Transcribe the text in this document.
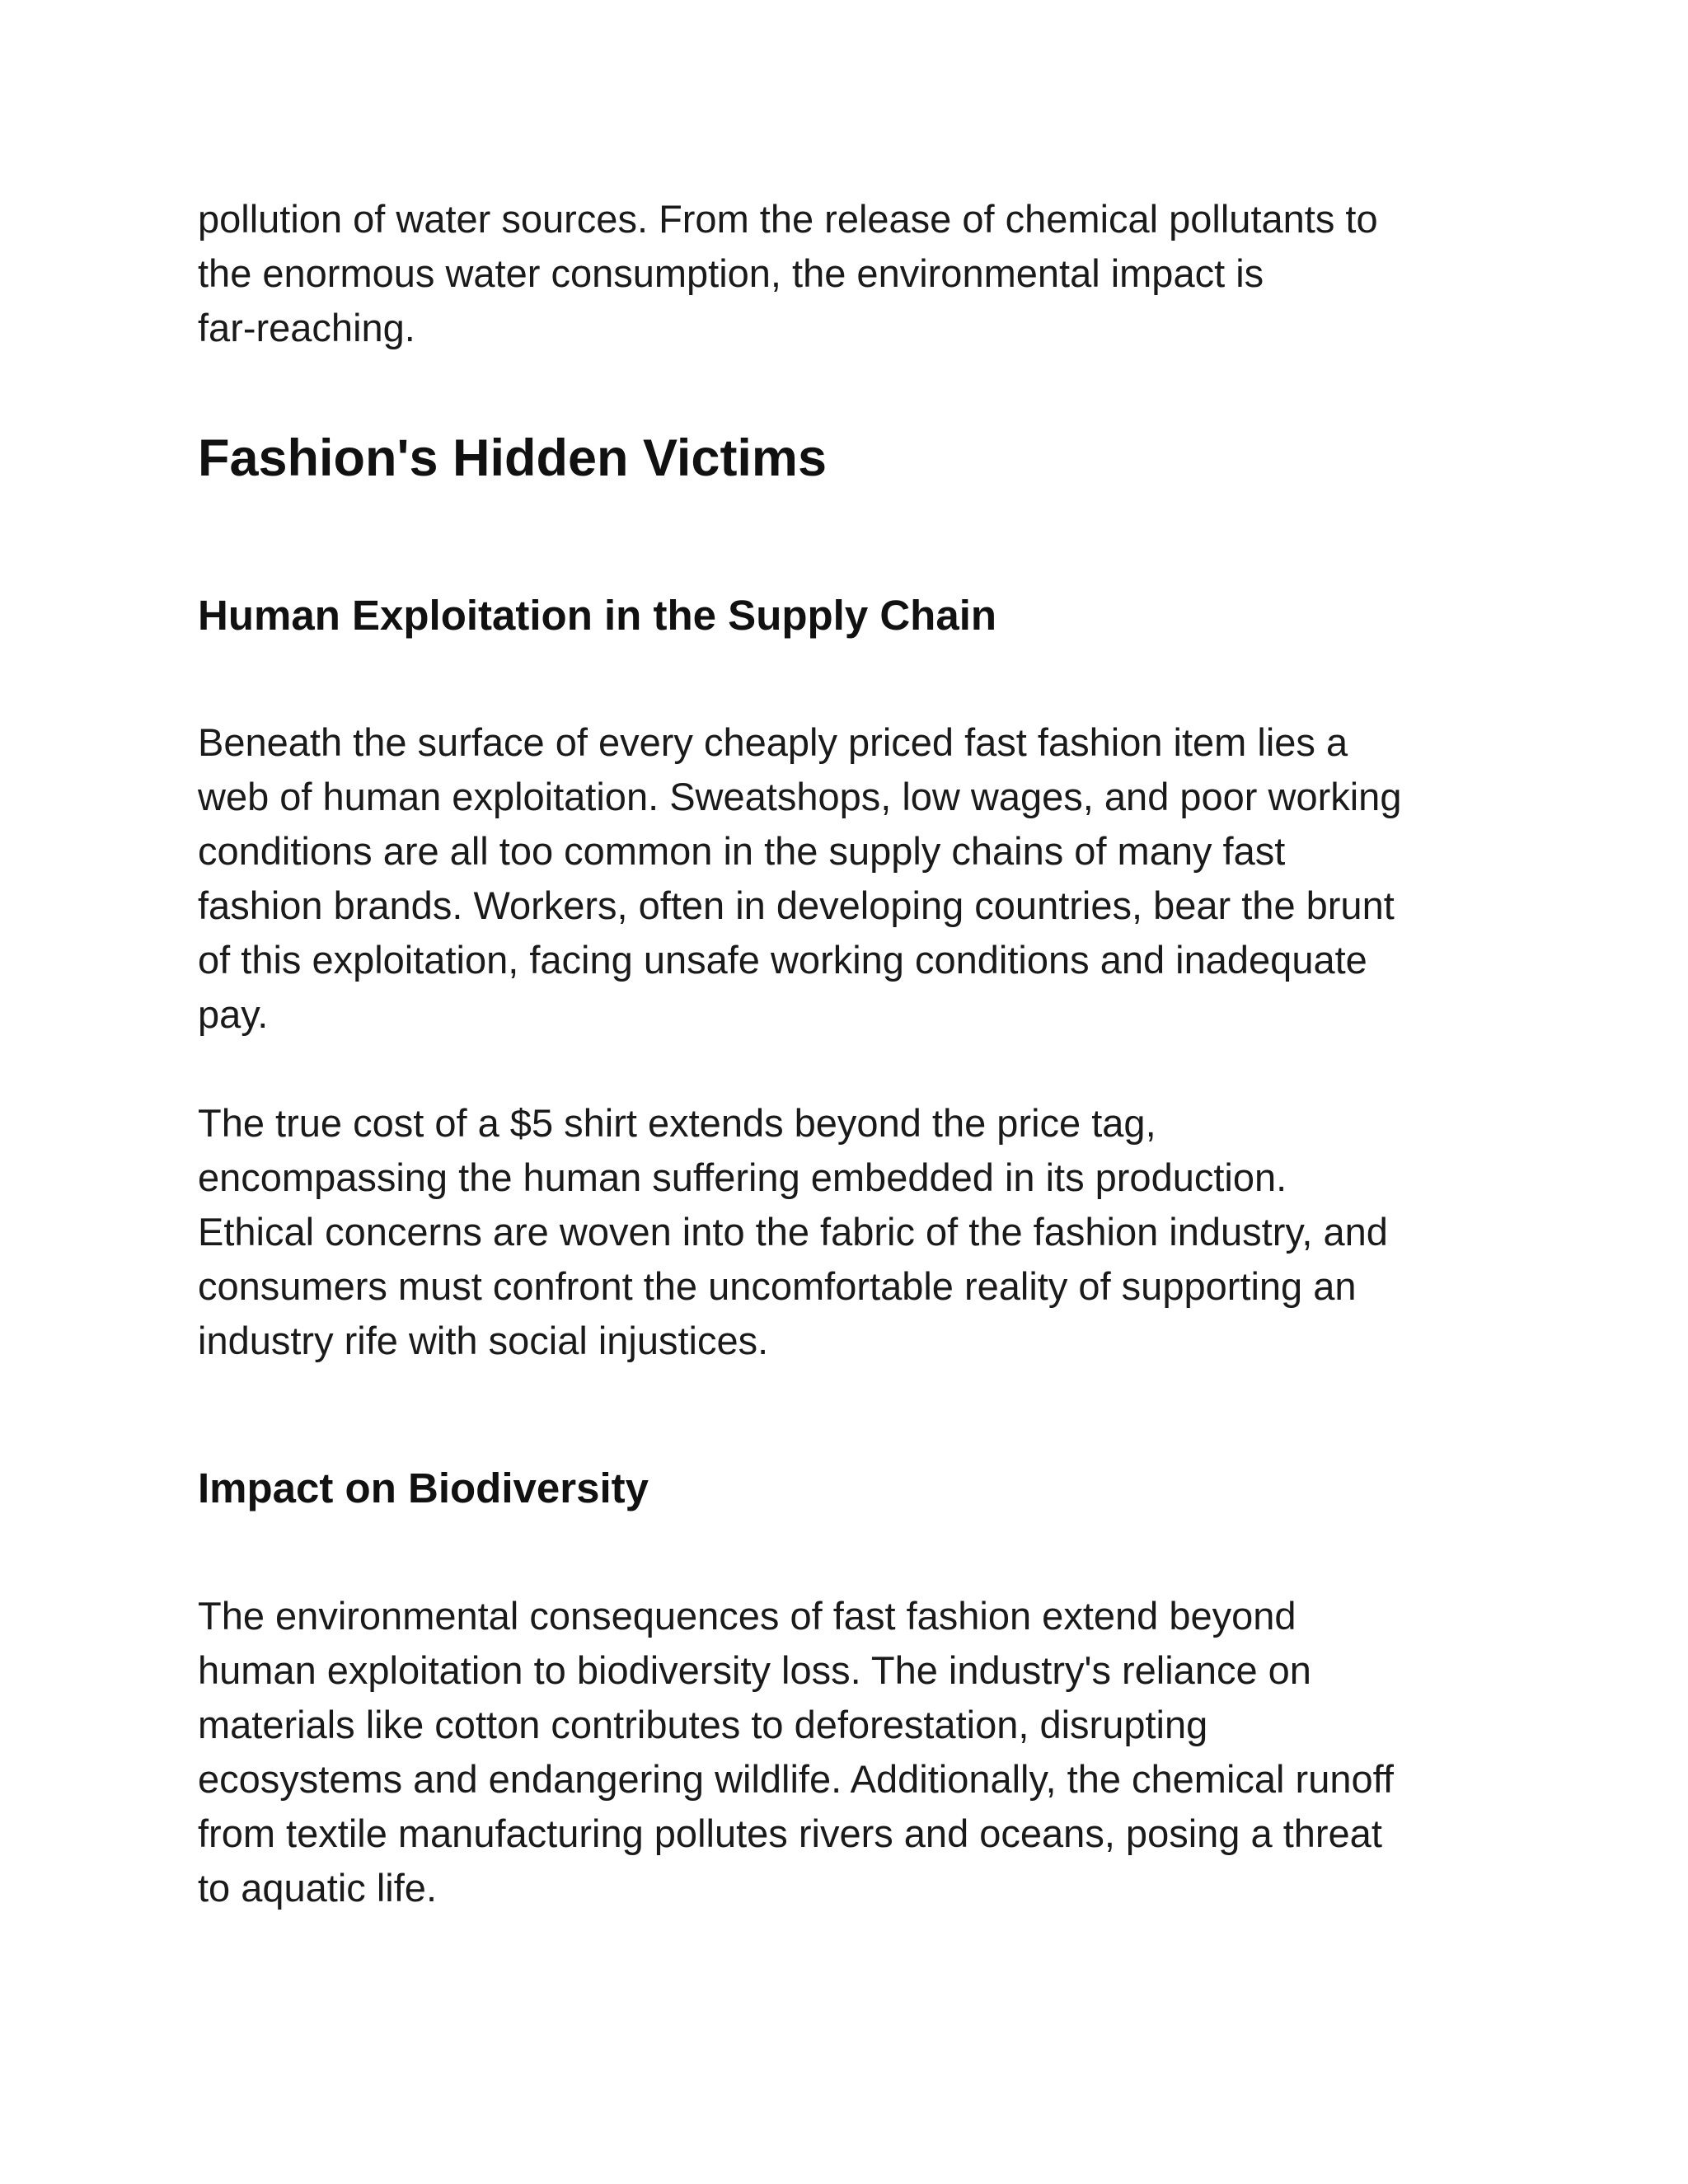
pollution of water sources. From the release of chemical pollutants to
the enormous water consumption, the environmental impact is
far-reaching.

Fashion's Hidden Victims
Human Exploitation in the Supply Chain

Beneath the surface of every cheaply priced fast fashion item lies a
web of human exploitation. Sweatshops, low wages, and poor working
conditions are all too common in the supply chains of many fast
fashion brands. Workers, often in developing countries, bear the brunt
of this exploitation, facing unsafe working conditions and inadequate
pay.

The true cost of a $5 shirt extends beyond the price tag,
encompassing the human suffering embedded in its production.
Ethical concerns are woven into the fabric of the fashion industry, and
consumers must confront the uncomfortable reality of supporting an
industry rife with social injustices.

Impact on Biodiversity

The environmental consequences of fast fashion extend beyond
human exploitation to biodiversity loss. The industry's reliance on
materials like cotton contributes to deforestation, disrupting
ecosystems and endangering wildlife. Additionally, the chemical runoff
from textile manufacturing pollutes rivers and oceans, posing a threat
to aquatic life.
